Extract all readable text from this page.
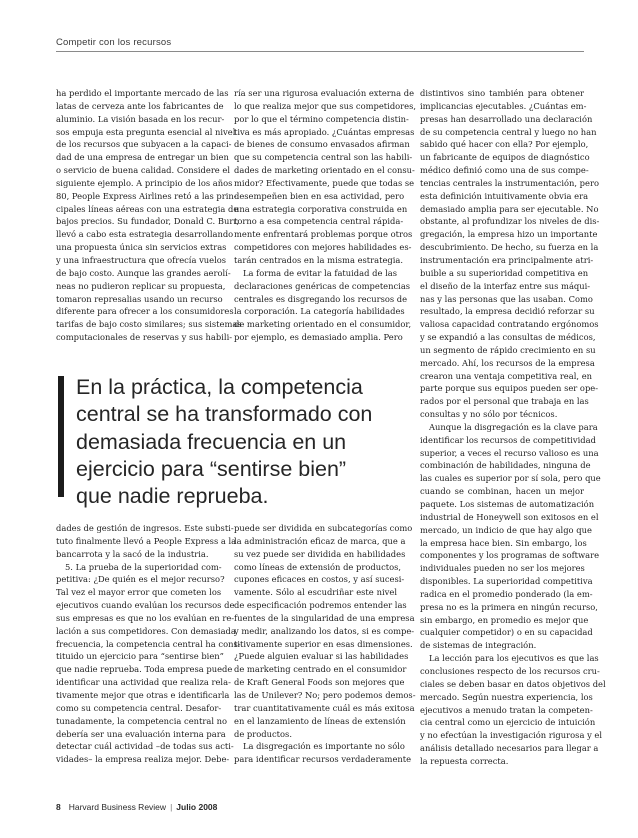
Competir con los recursos
ha perdido el importante mercado de las
latas de cerveza ante los fabricantes de
aluminio. La visión basada en los recur-
sos empuja esta pregunta esencial al nivel
de los recursos que subyacen a la capaci-
dad de una empresa de entregar un bien
o servicio de buena calidad. Considere el
siguiente ejemplo. A principio de los años
80, People Express Airlines retó a las prin-
cipales líneas aéreas con una estrategia de
bajos precios. Su fundador, Donald C. Burr,
llevó a cabo esta estrategia desarrollando
una propuesta única sin servicios extras
y una infraestructura que ofrecía vuelos
de bajo costo. Aunque las grandes aerolí-
neas no pudieron replicar su propuesta,
tomaron represalias usando un recurso
diferente para ofrecer a los consumidores
tarifas de bajo costo similares; sus sistemas
computacionales de reservas y sus habili-
ría ser una rigurosa evaluación externa de
lo que realiza mejor que sus competidores,
por lo que el término competencia distin-
tiva es más apropiado. ¿Cuántas empresas
de bienes de consumo envasados afirman
que su competencia central son las habili-
dades de marketing orientado en el consu-
midor? Efectivamente, puede que todas se
desempeñen bien en esa actividad, pero
una estrategia corporativa construida en
torno a esa competencia central rápida-
mente enfrentará problemas porque otros
competidores con mejores habilidades es-
tarán centrados en la misma estrategia.
La forma de evitar la fatuidad de las
declaraciones genéricas de competencias
centrales es disgregando los recursos de
la corporación. La categoría habilidades
de marketing orientado en el consumidor,
por ejemplo, es demasiado amplia. Pero
distintivos sino también para obtener
implicancias ejecutables. ¿Cuántas em-
presas han desarrollado una declaración
de su competencia central y luego no han
sabido qué hacer con ella? Por ejemplo,
un fabricante de equipos de diagnóstico
médico definió como una de sus compe-
tencias centrales la instrumentación, pero
esta definición intuitivamente obvia era
demasiado amplia para ser ejecutable. No
obstante, al profundizar los niveles de dis-
gregación, la empresa hizo un importante
descubrimiento. De hecho, su fuerza en la
instrumentación era principalmente atri-
buible a su superioridad competitiva en
el diseño de la interfaz entre sus máqui-
nas y las personas que las usaban. Como
resultado, la empresa decidió reforzar su
valiosa capacidad contratando ergónomos
y se expandió a las consultas de médicos,
un segmento de rápido crecimiento en su
mercado. Ahí, los recursos de la empresa
crearon una ventaja competitiva real, en
parte porque sus equipos pueden ser ope-
rados por el personal que trabaja en las
consultas y no sólo por técnicos.
Aunque la disgregación es la clave para
identificar los recursos de competitividad
superior, a veces el recurso valioso es una
combinación de habilidades, ninguna de
las cuales es superior por sí sola, pero que
cuando se combinan, hacen un mejor
paquete. Los sistemas de automatización
industrial de Honeywell son exitosos en el
mercado, un indicio de que hay algo que
la empresa hace bien. Sin embargo, los
componentes y los programas de software
individuales pueden no ser los mejores
disponibles. La superioridad competitiva
radica en el promedio ponderado (la em-
presa no es la primera en ningún recurso,
sin embargo, en promedio es mejor que
cualquier competidor) o en su capacidad
de sistemas de integración.
La lección para los ejecutivos es que las
conclusiones respecto de los recursos cru-
ciales se deben basar en datos objetivos del
mercado. Según nuestra experiencia, los
ejecutivos a menudo tratan la competen-
cia central como un ejercicio de intuición
y no efectúan la investigación rigurosa y el
análisis detallado necesarios para llegar a
la repuesta correcta.
En la práctica, la competencia
central se ha transformado con
demasiada frecuencia en un
ejercicio para “sentirse bien”
que nadie reprueba.
dades de gestión de ingresos. Este substi-
tuto finalmente llevó a People Express a la
bancarrota y la sacó de la industria.
5. La prueba de la superioridad com-
petitiva: ¿De quién es el mejor recurso?
Tal vez el mayor error que cometen los
ejecutivos cuando evalúan los recursos de
sus empresas es que no los evalúan en re-
lación a sus competidores. Con demasiada
frecuencia, la competencia central ha cons-
tituido un ejercicio para “sentirse bien”
que nadie reprueba. Toda empresa puede
identificar una actividad que realiza rela-
tivamente mejor que otras e identificarla
como su competencia central. Desafor-
tunadamente, la competencia central no
debería ser una evaluación interna para
detectar cuál actividad –de todas sus acti-
vidades– la empresa realiza mejor. Debe-
puede ser dividida en subcategorías como
la administración eficaz de marca, que a
su vez puede ser dividida en habilidades
como líneas de extensión de productos,
cupones eficaces en costos, y así sucesi-
vamente. Sólo al escudriñar este nivel
de especificación podremos entender las
fuentes de la singularidad de una empresa
y medir, analizando los datos, si es compe-
titivamente superior en esas dimensiones.
¿Puede alguien evaluar si las habilidades
de marketing centrado en el consumidor
de Kraft General Foods son mejores que
las de Unilever? No; pero podemos demos-
trar cuantitativamente cuál es más exitosa
en el lanzamiento de líneas de extensión
de productos.
La disgregación es importante no sólo
para identificar recursos verdaderamente
8 Harvard Business Review | Julio 2008
